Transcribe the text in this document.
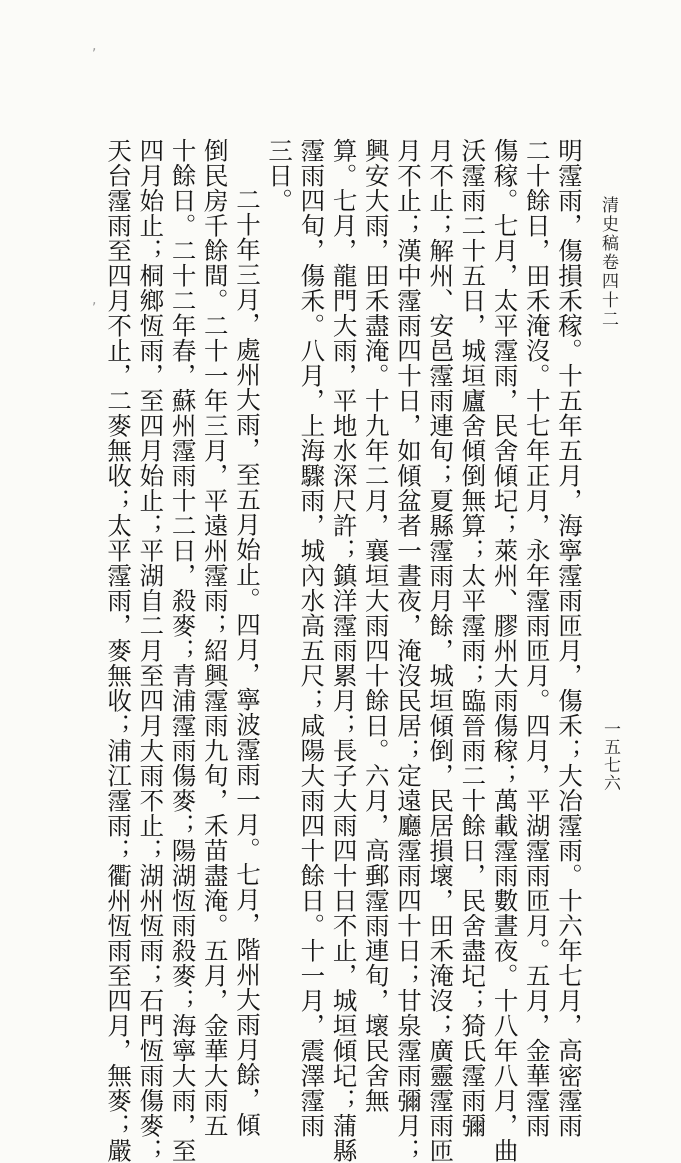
清史稿卷四十二
一五七六
明霪雨，傷損禾稼。十五年五月，海寧霪雨匝月，傷禾；大冶霪雨。十六年七月，高密霪雨
二十餘日，田禾淹沒。十七年正月，永年霪雨匝月。四月，平湖霪雨匝月。五月，金華霪雨
傷稼。七月，太平霪雨，民舍傾圮；萊州、膠州大雨傷稼；萬載霪雨數晝夜。十八年八月，曲
沃霪雨二十五日，城垣廬舍傾倒無算；太平霪雨；臨晉雨二十餘日，民舍盡圮；猗氏霪雨彌
月不止；解州、安邑霪雨連旬；夏縣霪雨月餘，城垣傾倒，民居損壞，田禾淹沒；廣靈霪雨匝
月不止；漢中霪雨四十日，如傾盆者一晝夜，淹沒民居；定遠廳霪雨四十日；甘泉霪雨彌月；
興安大雨，田禾盡淹。十九年二月，襄垣大雨四十餘日。六月，高郵霪雨連旬，壞民舍無
算。七月，龍門大雨，平地水深尺許；鎮洋霪雨累月；長子大雨四十日不止，城垣傾圮；蒲縣
霪雨四旬，傷禾。八月，上海驟雨，城內水高五尺；咸陽大雨四十餘日。十一月，震澤霪雨
三日。
二十年三月，處州大雨，至五月始止。四月，寧波霪雨一月。七月，階州大雨月餘，傾
倒民房千餘間。二十一年三月，平遠州霪雨；紹興霪雨九旬，禾苗盡淹。五月，金華大雨五
十餘日。二十二年春，蘇州霪雨十二日，殺麥；青浦霪雨傷麥；陽湖恆雨殺麥；海寧大雨，至
四月始止；桐鄉恆雨，至四月始止；平湖自二月至四月大雨不止；湖州恆雨；石門恆雨傷麥；
天台霪雨至四月不止，二麥無收；太平霪雨，麥無收；浦江霪雨；衢州恆雨至四月，無麥；嚴
,
,
